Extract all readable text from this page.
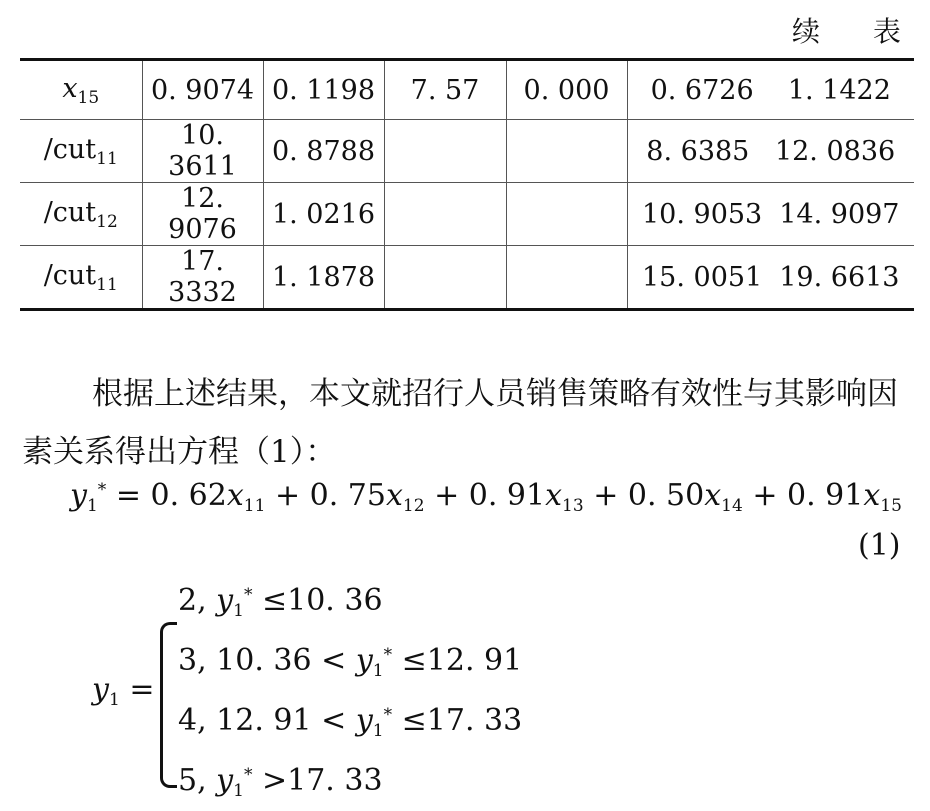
续 表
$x_{15}$	0. 9074	0. 1198	7. 57	0. 000	0. 6726 1. 1422

/cut$_{11}$	10. 3611	0. 8788			8. 6385 12. 0836

/cut$_{12}$	12. 9076	1. 0216			10. 9053 14. 9097

/cut$_{11}$	17. 3332	1. 1878			15. 0051 19. 6613

根据上述结果，本文就招行人员销售策略有效性与其影响因素关系得出方程（1）：

$y_1^* = 0$. $62x_{11} + 0$. $75x_{12} + 0$. $91x_{13} + 0$. $50x_{14} + 0$. $91x_{15}$
(1)
$y_1$ =
2, $y_1^* \le 10$. 36
3, 10. $36 < y_1^* \le 12$. 91
4, 12. $91 < y_1^* \le 17$. 33
5, $y_1^* >17$. 33
